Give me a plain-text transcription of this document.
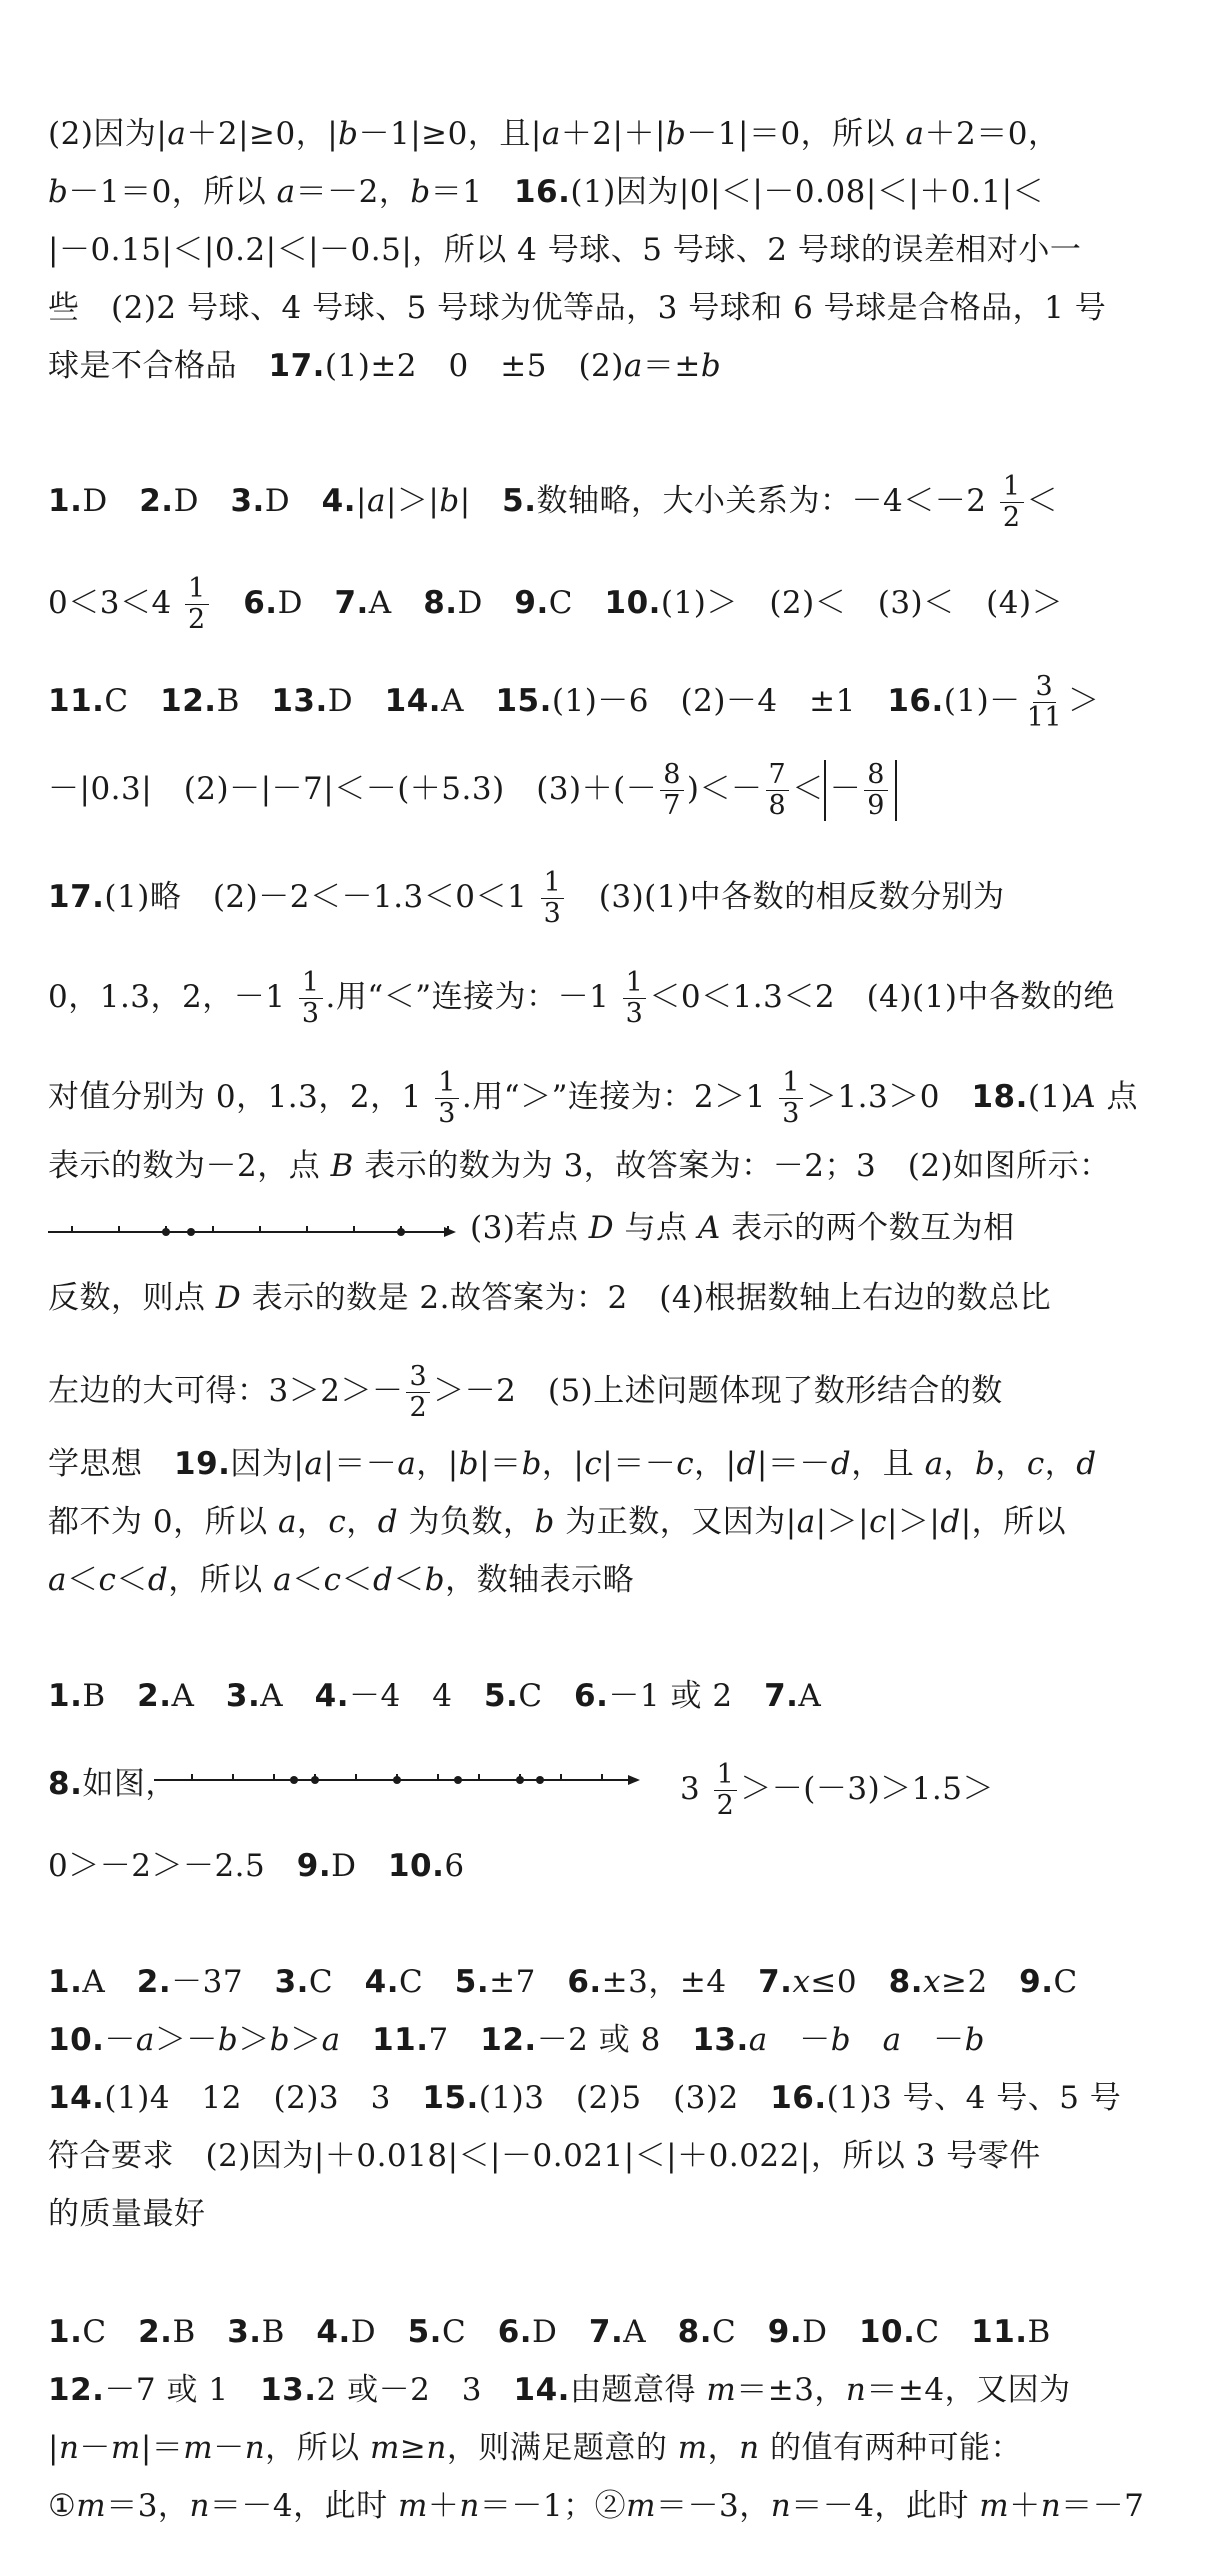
(2)因为|a＋2|≥0，|b－1|≥0，且|a＋2|＋|b－1|＝0，所以 a＋2＝0，
b－1＝0，所以 a＝－2，b＝1　16.(1)因为|0|＜|－0.08|＜|＋0.1|＜
|－0.15|＜|0.2|＜|－0.5|，所以 4 号球、5 号球、2 号球的误差相对小一
些　(2)2 号球、4 号球、5 号球为优等品，3 号球和 6 号球是合格品，1 号
球是不合格品　17.(1)±2　0　±5　(2)a＝±b
1.D　2.D　3.D　4.|a|＞|b|　5.数轴略，大小关系为：$-4<-2 \frac{1}{2}$ ＜
$0<3<4 \frac{1}{2}$
　 6.D　7.A　8.D　9.C　10.(1)＞　(2)＜　(3)＜　(4)＞
11.C　12.B　13.D　14.A　15.(1)－6　(2)－4　±1　$16.(1)- \frac{3}{11}$ ＞
－|0.3|　(2)－|－7|＜－(＋5.3)　$(3)+(- \frac{8}{7}$ )＜－ $\frac{7}{8}$ ＜ － $\frac{8}{9}$
17.(1)略　$(2)-2<-1.3<0<1 \frac{1}{3}$ 　(3)(1)中各数的相反数分别为
0，1.3，2，$-1 \frac{1}{3}$ .用“＜”连接为：$-1 \frac{1}{3} <0<1.3<2$　(4)(1)中各数的绝
对值分别为 0，1.3，2，$1 \frac{1}{3}$ .用“＞”连接为：$2>1 \frac{1}{3} >1.3>0$　18.(1)A 点
表示的数为－2，点 B 表示的数为为 3，故答案为：－2；3　(2)如图所示：
(3)若点 D 与点 A 表示的两个数互为相
反数，则点 D 表示的数是 2.故答案为：2　(4)根据数轴上右边的数总比
左边的大可得：$3>2>- \frac{3}{2} >-2$　(5)上述问题体现了数形结合的数
学思想　19.因为|a|＝－a，|b|＝b，|c|＝－c，|d|＝－d，且 a，b，c，d
都不为 0，所以 a，c，d 为负数，b 为正数，又因为|a|＞|c|＞|d|，所以
a＜c＜d，所以 a＜c＜d＜b，数轴表示略
1.B　2.A　3.A　4.－4　4　5.C　6.－1 或 2　7.A
8.如图，	$3 \frac{1}{2} >-(-3)>1.5>$
0＞－2＞－2.5　9.D　10.6
1.A　2.－37　3.C　4.C　5.±7　6.±3，±4　7.x≤0　8.x≥2　9.C
10.－a＞－b＞b＞a　 11.7　12.－2 或 8　13.a　－b　 a　－b
14.(1)4　12　(2)3　3　15.(1)3　(2)5　(3)2　16.(1)3 号、4 号、5 号
符合要求　(2)因为|＋0.018|＜|－0.021|＜|＋0.022|，所以 3 号零件
的质量最好
1.C　2.B　3.B　4.D　5.C　6.D　7.A　8.C　9.D　10.C　11.B
12.－7 或 1　13.2 或－2　3　14.由题意得 m＝±3，n＝±4，又因为
|n－m|＝m－n，所以 m≥n，则满足题意的 m，n 的值有两种可能：
①m＝3，n＝－4，此时 m＋n＝－1；②m＝－3，n＝－4，此时 m＋n＝－7
